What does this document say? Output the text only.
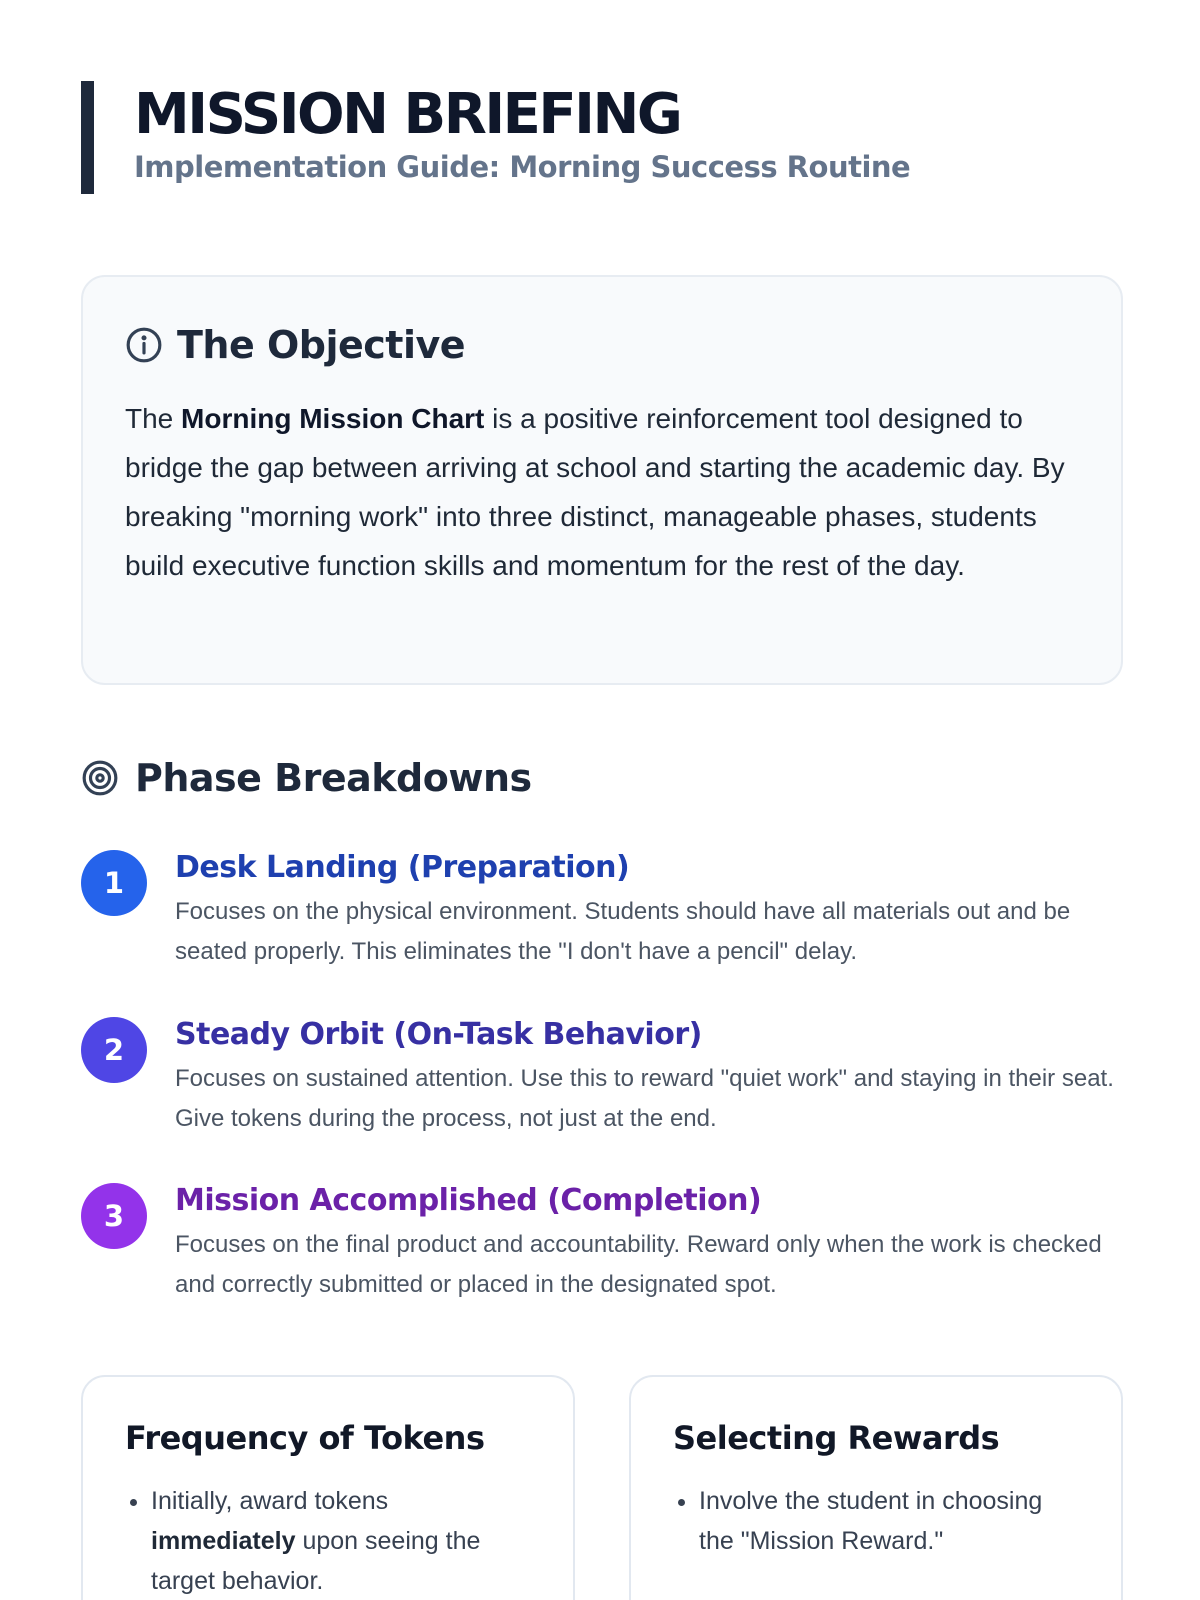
MISSION BRIEFING
Implementation Guide: Morning Success Routine
The Objective

The Morning Mission Chart is a positive reinforcement tool designed to bridge the gap between arriving at school and starting the academic day. By breaking "morning work" into three distinct, manageable phases, students build executive function skills and momentum for the rest of the day.

Phase Breakdowns
1	Desk Landing (Preparation)
Focuses on the physical environment. Students should have all materials out and be seated properly. This eliminates the "I don't have a pencil" delay.
2	Steady Orbit (On-Task Behavior)
Focuses on sustained attention. Use this to reward "quiet work" and staying in their seat. Give tokens during the process, not just at the end.
3	Mission Accomplished (Completion)
Focuses on the final product and accountability. Reward only when the work is checked and correctly submitted or placed in the designated spot.
Frequency of Tokens
• Initially, award tokens immediately upon seeing the target behavior.
Selecting Rewards
• Involve the student in choosing the "Mission Reward."
